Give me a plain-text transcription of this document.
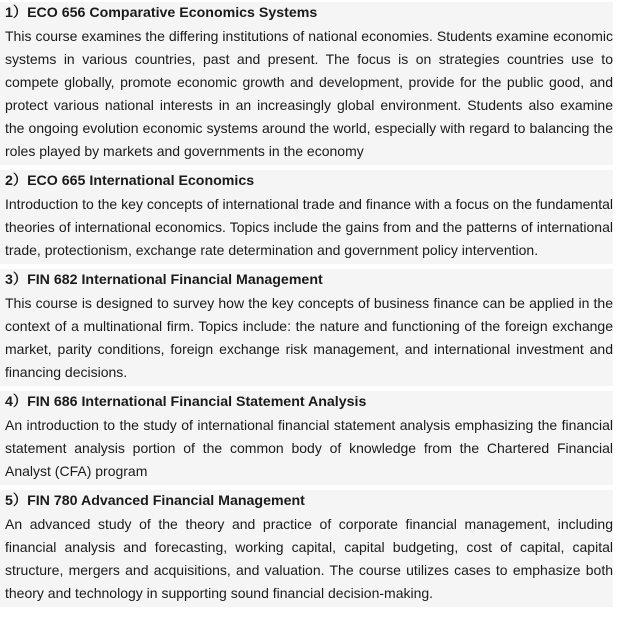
1）ECO 656 Comparative Economics Systems

This course examines the differing institutions of national economies. Students examine economic systems in various countries, past and present. The focus is on strategies countries use to compete globally, promote economic growth and development, provide for the public good, and protect various national interests in an increasingly global environment. Students also examine the ongoing evolution economic systems around the world, especially with regard to balancing the roles played by markets and governments in the economy

2）ECO 665 International Economics

Introduction to the key concepts of international trade and finance with a focus on the fundamental theories of international economics. Topics include the gains from and the patterns of international trade, protectionism, exchange rate determination and government policy intervention.

3）FIN 682 International Financial Management

This course is designed to survey how the key concepts of business finance can be applied in the context of a multinational firm. Topics include: the nature and functioning of the foreign exchange market, parity conditions, foreign exchange risk management, and international investment and financing decisions.

4）FIN 686 International Financial Statement Analysis

An introduction to the study of international financial statement analysis emphasizing the financial statement analysis portion of the common body of knowledge from the Chartered Financial Analyst (CFA) program

5）FIN 780 Advanced Financial Management

An advanced study of the theory and practice of corporate financial management, including financial analysis and forecasting, working capital, capital budgeting, cost of capital, capital structure, mergers and acquisitions, and valuation. The course utilizes cases to emphasize both theory and technology in supporting sound financial decision-making.
